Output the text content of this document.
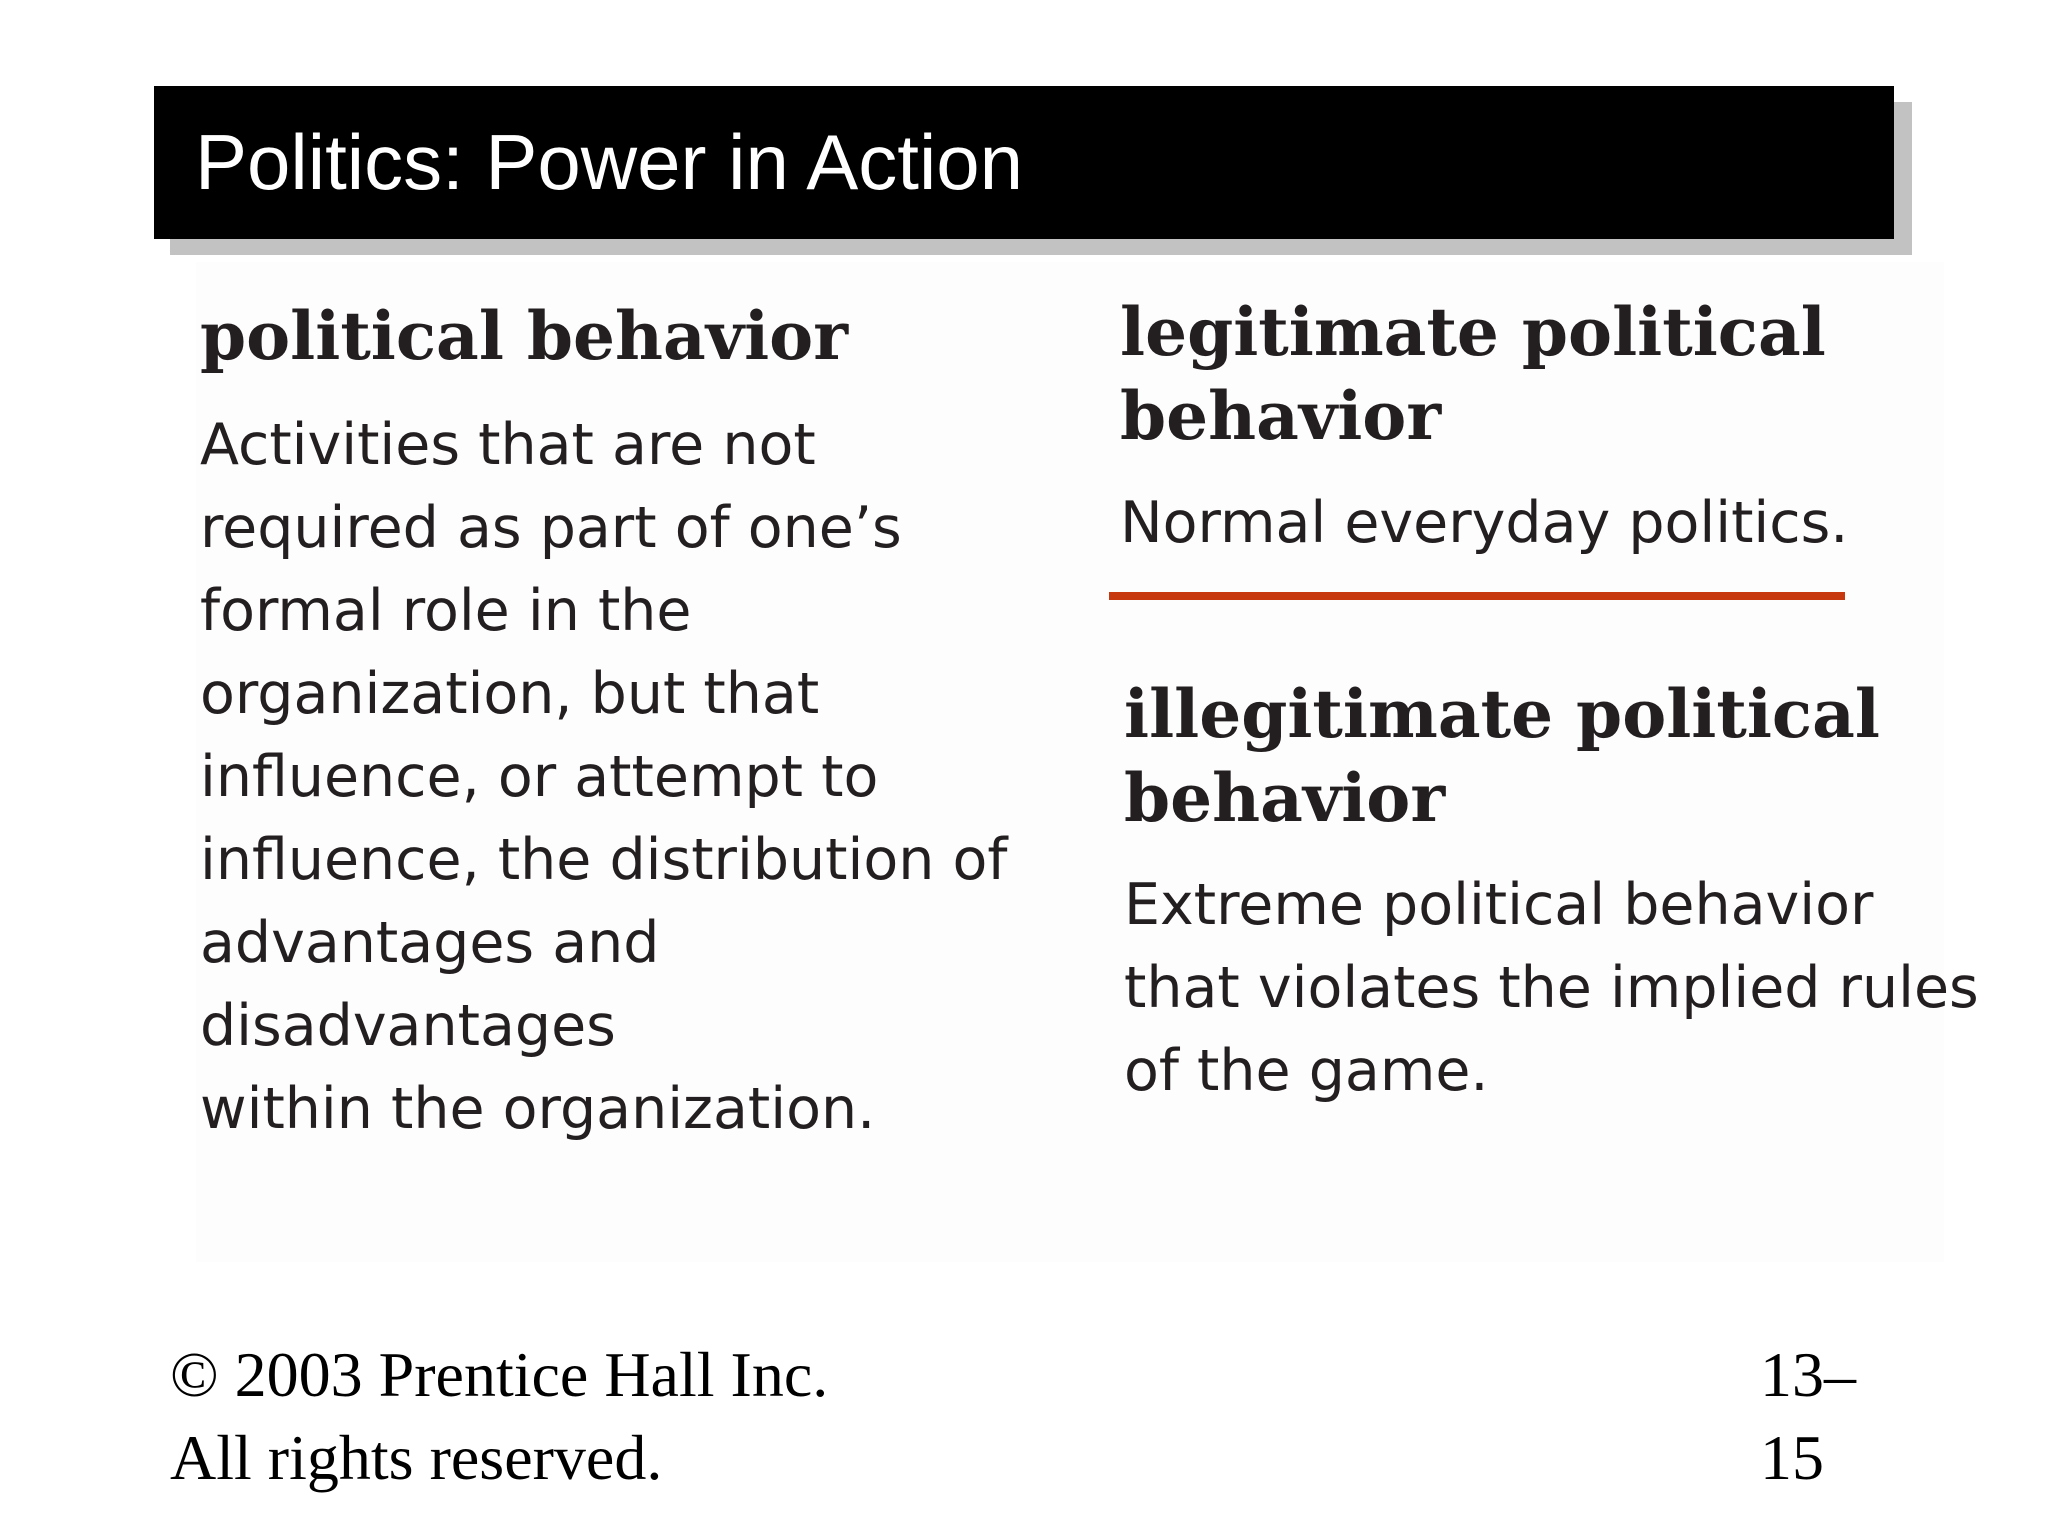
Politics: Power in Action
political behavior
Activities that are not
required as part of one’s
formal role in the
organization, but that
influence, or attempt to
influence, the distribution of
advantages and disadvantages
within the organization.
legitimate political
behavior
Normal everyday politics.
illegitimate political
behavior
Extreme political behavior
that violates the implied rules
of the game.
© 2003 Prentice Hall Inc.
All rights reserved.
13–
15
